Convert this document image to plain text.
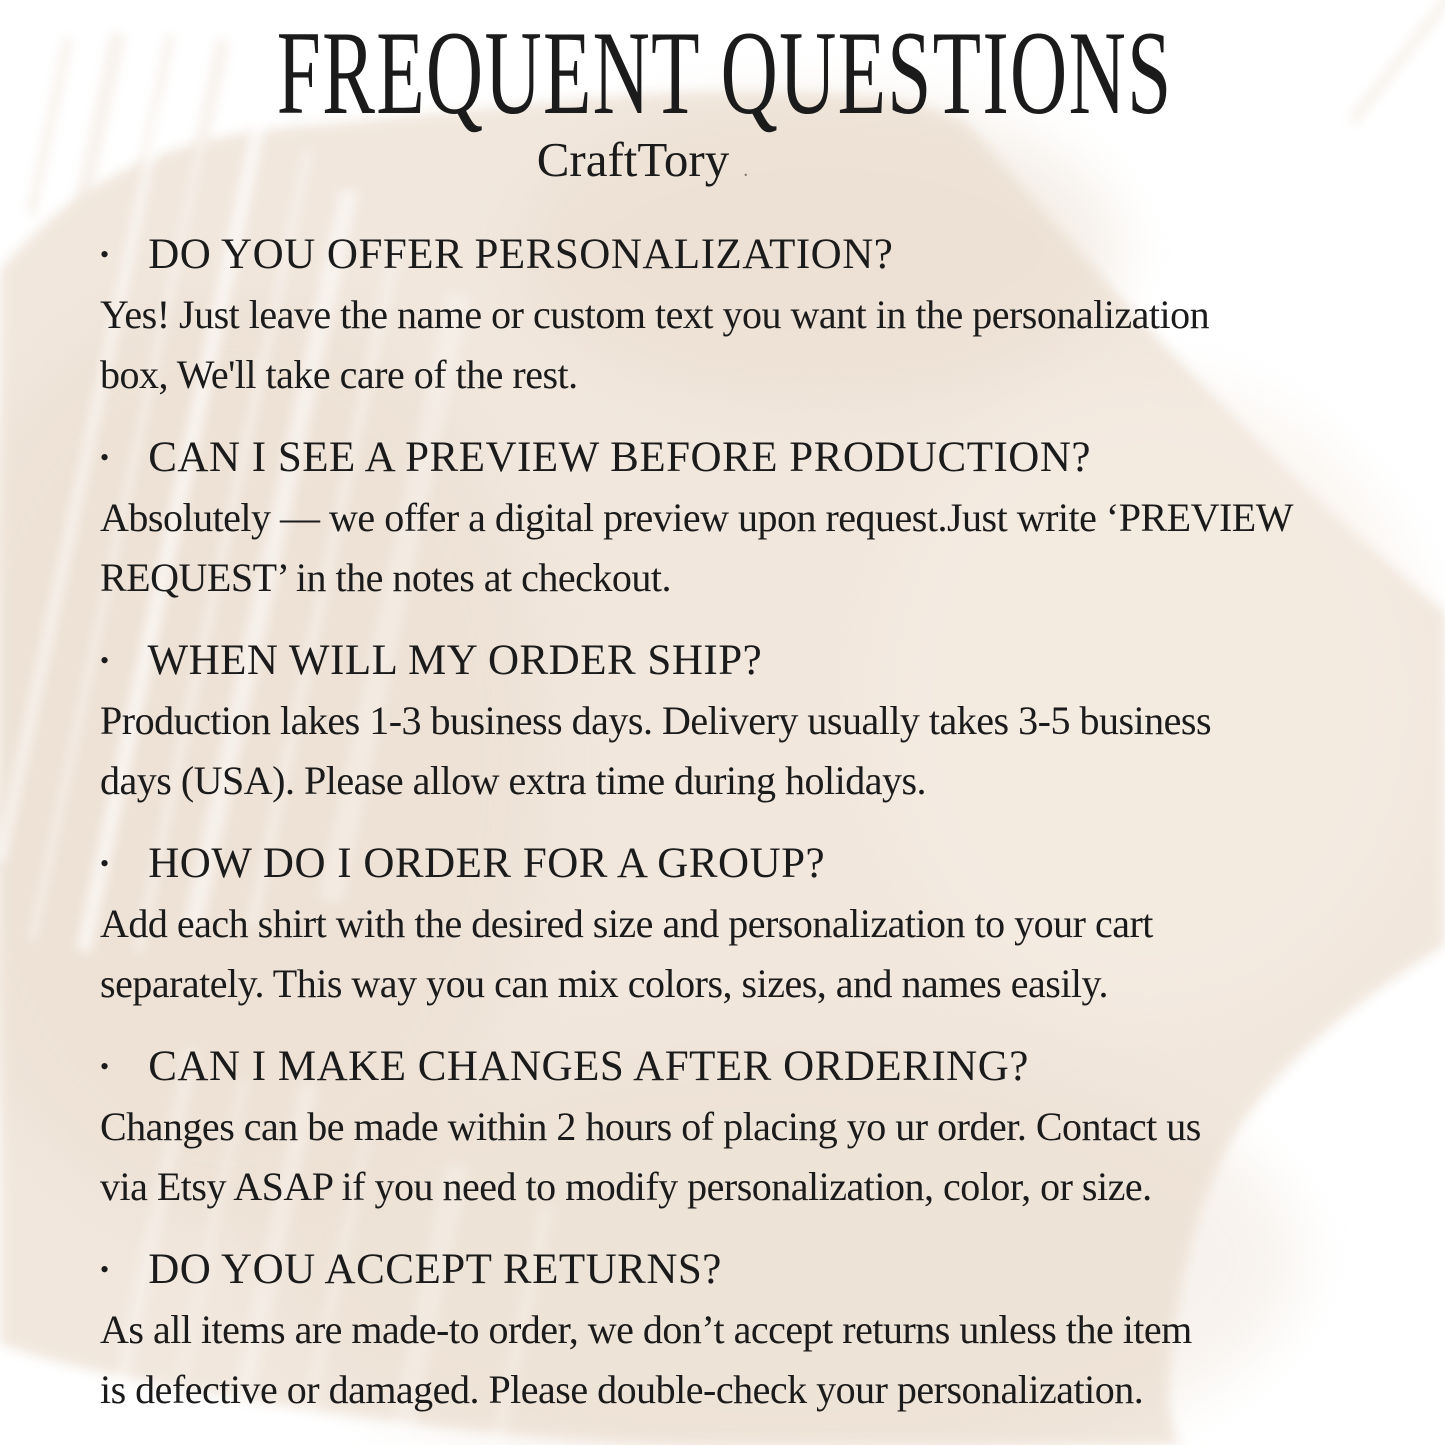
FREQUENT QUESTIONS
CraftTory .
• DO YOU OFFER PERSONALIZATION?
Yes! Just leave the name or custom text you want in the personalization
box, We'll take care of the rest.
• CAN I SEE A PREVIEW BEFORE PRODUCTION?
Absolutely — we offer a digital preview upon request.Just write ‘PREVIEW
REQUEST’ in the notes at checkout.
• WHEN WILL MY ORDER SHIP?
Production lakes 1-3 business days. Delivery usually takes 3-5 business
days (USA). Please allow extra time during holidays.
• HOW DO I ORDER FOR A GROUP?
Add each shirt with the desired size and personalization to your cart
separately. This way you can mix colors, sizes, and names easily.
• CAN I MAKE CHANGES AFTER ORDERING?
Changes can be made within 2 hours of placing yo ur order. Contact us
via Etsy ASAP if you need to modify personalization, color, or size.
• DO YOU ACCEPT RETURNS?
As all items are made-to order, we don’t accept returns unless the item
is defective or damaged. Please double-check your personalization.
